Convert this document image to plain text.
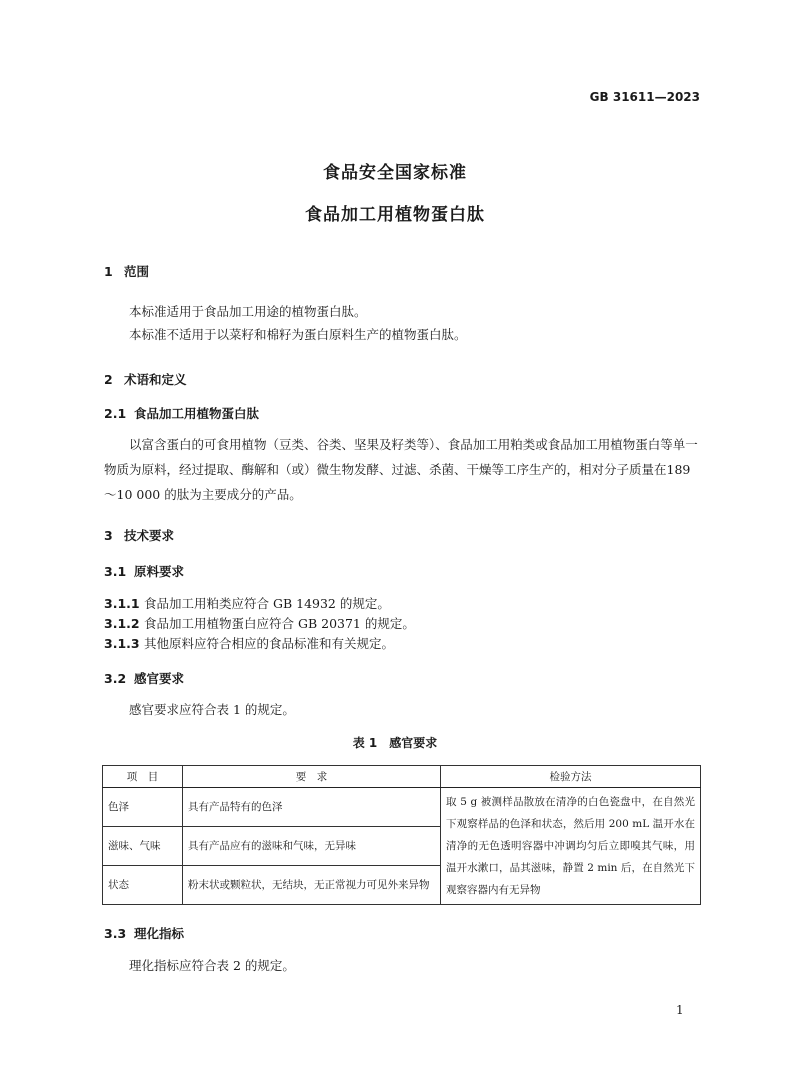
GB 31611—2023
食品安全国家标准
食品加工用植物蛋白肽
1 范围
本标准适用于食品加工用途的植物蛋白肽。
本标准不适用于以菜籽和棉籽为蛋白原料生产的植物蛋白肽。
2 术语和定义
2.1 食品加工用植物蛋白肽
以富含蛋白的可食用植物（豆类、谷类、坚果及籽类等）、食品加工用粕类或食品加工用植物蛋白等单一物质为原料，经过提取、酶解和（或）微生物发酵、过滤、杀菌、干燥等工序生产的，相对分子质量在189～10 000 的肽为主要成分的产品。
3 技术要求
3.1 原料要求
3.1.1 食品加工用粕类应符合 GB 14932 的规定。
3.1.2 食品加工用植物蛋白应符合 GB 20371 的规定。
3.1.3 其他原料应符合相应的食品标准和有关规定。
3.2 感官要求
感官要求应符合表 1 的规定。
表 1　感官要求
项　目	要　求	检验方法
色泽	具有产品特有的色泽	取 5 g 被测样品散放在清净的白色瓷盘中，在自然光下观察样品的色泽和状态，然后用 200 mL 温开水在清净的无色透明容器中冲调均匀后立即嗅其气味，用温开水漱口，品其滋味，静置 2 min 后，在自然光下观察容器内有无异物
滋味、气味	具有产品应有的滋味和气味，无异味	
状态	粉末状或颗粒状，无结块，无正常视力可见外来异物	
3.3 理化指标
理化指标应符合表 2 的规定。
1
